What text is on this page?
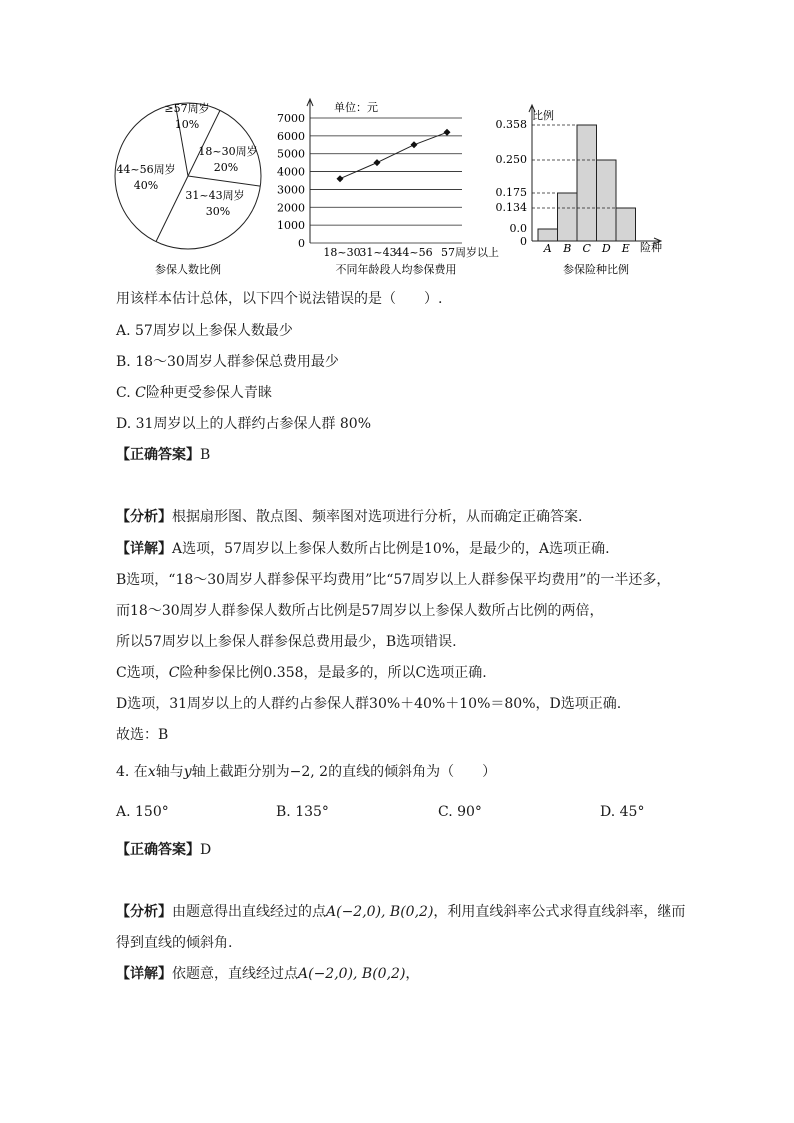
≥57周岁
10%
18~30周岁
20%
31~43周岁
30%
44~56周岁
40%
参保人数比例
0
1000
2000
3000
4000
5000
6000
7000
18~30
31~43
44~56 57周岁以上
单位：元
不同年龄段人均参保费用
A B C D E
0
0.0
0.134
0.175
0.250
0.358
比例
险种
参保险种比例
用该样本估计总体，以下四个说法错误的是（　　）.
A. 57周岁以上参保人数最少
B. 18～30周岁人群参保总费用最少
C. C险种更受参保人青睐
D. 31周岁以上的人群约占参保人群 80%
【正确答案】B
【分析】根据扇形图、散点图、频率图对选项进行分析，从而确定正确答案.
【详解】A选项，57周岁以上参保人数所占比例是10%，是最少的，A选项正确.
B选项，“18～30周岁人群参保平均费用”比“57周岁以上人群参保平均费用”的一半还多，
而18～30周岁人群参保人数所占比例是57周岁以上参保人数所占比例的两倍，
所以57周岁以上参保人群参保总费用最少，B选项错误.
C选项，C险种参保比例0.358，是最多的，所以C选项正确.
D选项，31周岁以上的人群约占参保人群30%＋40%＋10%＝80%，D选项正确.
故选：B
4. 在x轴与y轴上截距分别为−2, 2的直线的倾斜角为（　　）
A. 150°	B. 135°	C. 90°	D. 45°
【正确答案】D
【分析】由题意得出直线经过的点A(−2,0), B(0,2)，利用直线斜率公式求得直线斜率，继而
得到直线的倾斜角.
【详解】依题意，直线经过点A(−2,0), B(0,2)，
